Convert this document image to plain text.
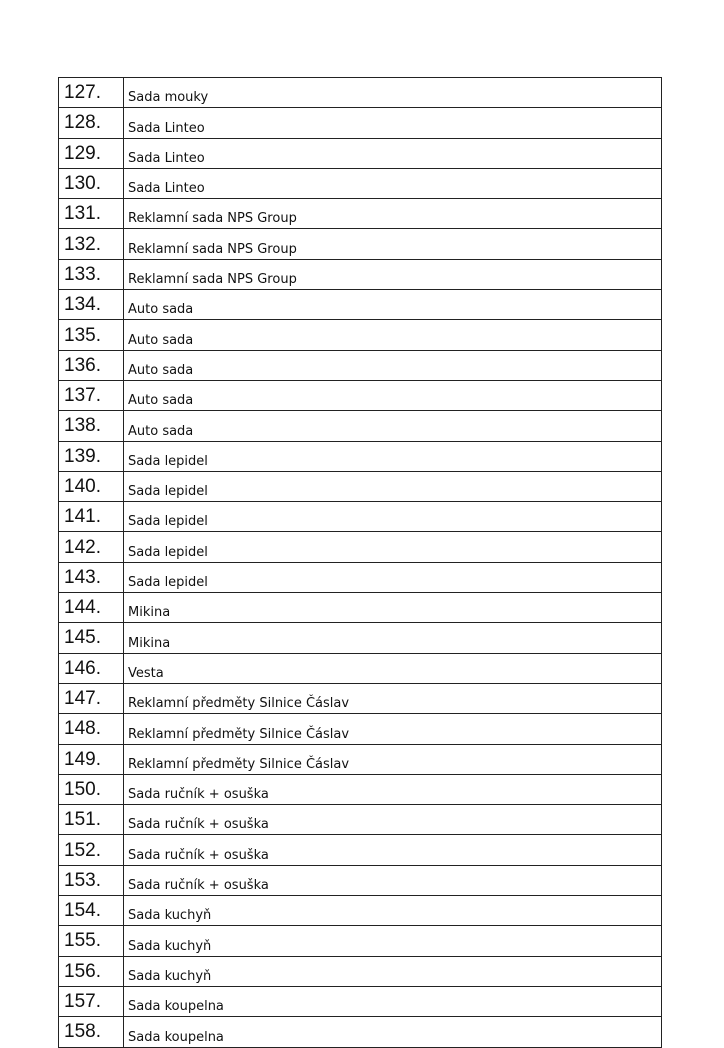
127.	Sada mouky
128.	Sada Linteo
129.	Sada Linteo
130.	Sada Linteo
131.	Reklamní sada NPS Group
132.	Reklamní sada NPS Group
133.	Reklamní sada NPS Group
134.	Auto sada
135.	Auto sada
136.	Auto sada
137.	Auto sada
138.	Auto sada
139.	Sada lepidel
140.	Sada lepidel
141.	Sada lepidel
142.	Sada lepidel
143.	Sada lepidel
144.	Mikina
145.	Mikina
146.	Vesta
147.	Reklamní předměty Silnice Čáslav
148.	Reklamní předměty Silnice Čáslav
149.	Reklamní předměty Silnice Čáslav
150.	Sada ručník + osuška
151.	Sada ručník + osuška
152.	Sada ručník + osuška
153.	Sada ručník + osuška
154.	Sada kuchyň
155.	Sada kuchyň
156.	Sada kuchyň
157.	Sada koupelna
158.	Sada koupelna
